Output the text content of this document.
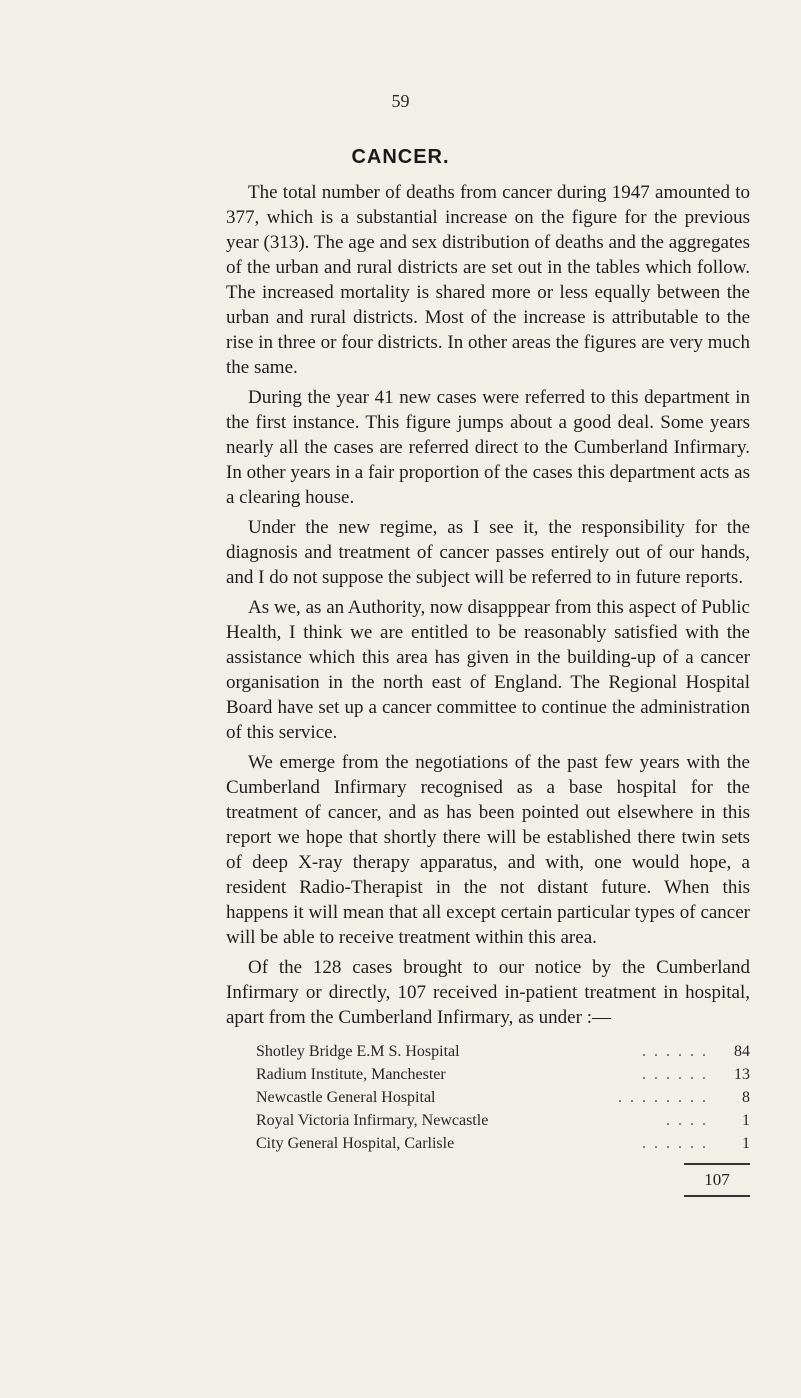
59
CANCER.

The total number of deaths from cancer during 1947 amounted to 377, which is a substantial increase on the figure for the previous year (313). The age and sex distribution of deaths and the aggregates of the urban and rural districts are set out in the tables which follow. The increased mortality is shared more or less equally between the urban and rural districts. Most of the increase is attributable to the rise in three or four districts. In other areas the figures are very much the same.

During the year 41 new cases were referred to this department in the first instance. This figure jumps about a good deal. Some years nearly all the cases are referred direct to the Cumberland Infirmary. In other years in a fair proportion of the cases this department acts as a clearing house.

Under the new regime, as I see it, the responsibility for the diagnosis and treatment of cancer passes entirely out of our hands, and I do not suppose the subject will be referred to in future reports.

As we, as an Authority, now disapppear from this aspect of Public Health, I think we are entitled to be reasonably satisfied with the assistance which this area has given in the building-up of a cancer organisation in the north east of England. The Regional Hospital Board have set up a cancer committee to continue the administration of this service.

We emerge from the negotiations of the past few years with the Cumberland Infirmary recognised as a base hospital for the treatment of cancer, and as has been pointed out elsewhere in this report we hope that shortly there will be established there twin sets of deep X-ray therapy apparatus, and with, one would hope, a resident Radio-Therapist in the not distant future. When this happens it will mean that all except certain particular types of cancer will be able to receive treatment within this area.

Of the 128 cases brought to our notice by the Cumberland Infirmary or directly, 107 received in-patient treatment in hospital, apart from the Cumberland Infirmary, as under :—

Shotley Bridge E.M S. Hospital	. . . . . .	84
Radium Institute, Manchester	. . . . . .	13
Newcastle General Hospital	. . . . . . . .	8
Royal Victoria Infirmary, Newcastle	. . . .	1
City General Hospital, Carlisle	. . . . . .	1
107
